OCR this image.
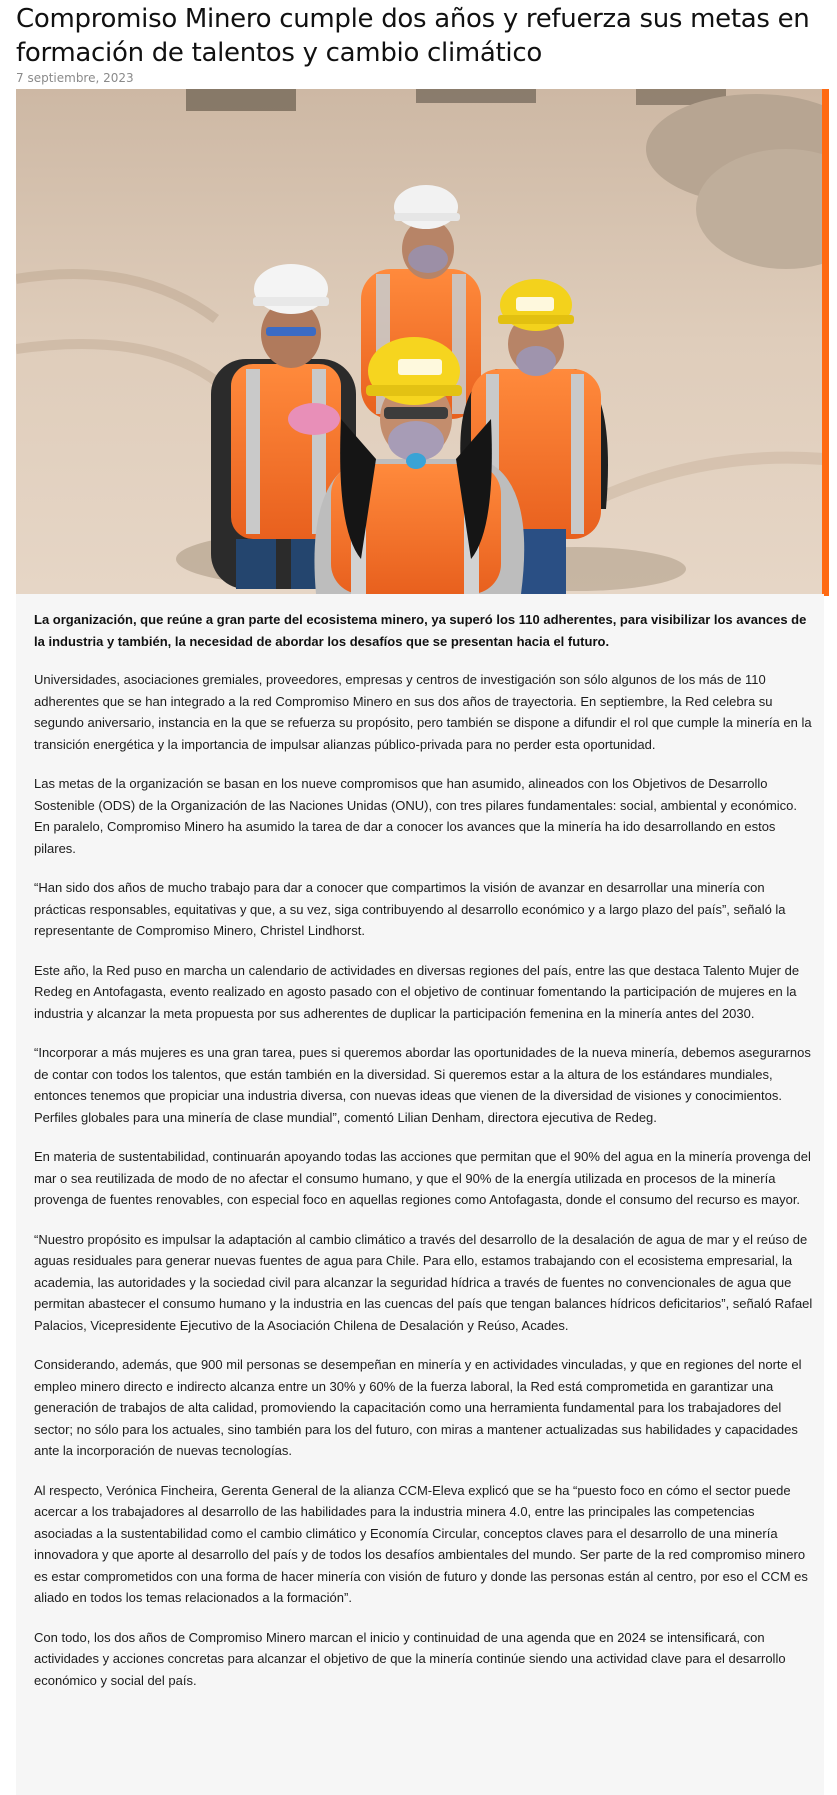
Compromiso Minero cumple dos años y refuerza sus metas en formación de talentos y cambio climático
7 septiembre, 2023

La organización, que reúne a gran parte del ecosistema minero, ya superó los 110 adherentes, para visibilizar los avances de la industria y también, la necesidad de abordar los desafíos que se presentan hacia el futuro.

Universidades, asociaciones gremiales, proveedores, empresas y centros de investigación son sólo algunos de los más de 110 adherentes que se han integrado a la red Compromiso Minero en sus dos años de trayectoria. En septiembre, la Red celebra su segundo aniversario, instancia en la que se refuerza su propósito, pero también se dispone a difundir el rol que cumple la minería en la transición energética y la importancia de impulsar alianzas público-privada para no perder esta oportunidad.

Las metas de la organización se basan en los nueve compromisos que han asumido, alineados con los Objetivos de Desarrollo Sostenible (ODS) de la Organización de las Naciones Unidas (ONU), con tres pilares fundamentales: social, ambiental y económico. En paralelo, Compromiso Minero ha asumido la tarea de dar a conocer los avances que la minería ha ido desarrollando en estos pilares.

“Han sido dos años de mucho trabajo para dar a conocer que compartimos la visión de avanzar en desarrollar una minería con prácticas responsables, equitativas y que, a su vez, siga contribuyendo al desarrollo económico y a largo plazo del país”, señaló la representante de Compromiso Minero, Christel Lindhorst.

Este año, la Red puso en marcha un calendario de actividades en diversas regiones del país, entre las que destaca Talento Mujer de Redeg en Antofagasta, evento realizado en agosto pasado con el objetivo de continuar fomentando la participación de mujeres en la industria y alcanzar la meta propuesta por sus adherentes de duplicar la participación femenina en la minería antes del 2030.

“Incorporar a más mujeres es una gran tarea, pues si queremos abordar las oportunidades de la nueva minería, debemos asegurarnos de contar con todos los talentos, que están también en la diversidad. Si queremos estar a la altura de los estándares mundiales, entonces tenemos que propiciar una industria diversa, con nuevas ideas que vienen de la diversidad de visiones y conocimientos. Perfiles globales para una minería de clase mundial”, comentó Lilian Denham, directora ejecutiva de Redeg.

En materia de sustentabilidad, continuarán apoyando todas las acciones que permitan que el 90% del agua en la minería provenga del mar o sea reutilizada de modo de no afectar el consumo humano, y que el 90% de la energía utilizada en procesos de la minería provenga de fuentes renovables, con especial foco en aquellas regiones como Antofagasta, donde el consumo del recurso es mayor.

“Nuestro propósito es impulsar la adaptación al cambio climático a través del desarrollo de la desalación de agua de mar y el reúso de aguas residuales para generar nuevas fuentes de agua para Chile. Para ello, estamos trabajando con el ecosistema empresarial, la academia, las autoridades y la sociedad civil para alcanzar la seguridad hídrica a través de fuentes no convencionales de agua que permitan abastecer el consumo humano y la industria en las cuencas del país que tengan balances hídricos deficitarios”, señaló Rafael Palacios, Vicepresidente Ejecutivo de la Asociación Chilena de Desalación y Reúso, Acades.

Considerando, además, que 900 mil personas se desempeñan en minería y en actividades vinculadas, y que en regiones del norte el empleo minero directo e indirecto alcanza entre un 30% y 60% de la fuerza laboral, la Red está comprometida en garantizar una generación de trabajos de alta calidad, promoviendo la capacitación como una herramienta fundamental para los trabajadores del sector; no sólo para los actuales, sino también para los del futuro, con miras a mantener actualizadas sus habilidades y capacidades ante la incorporación de nuevas tecnologías.

Al respecto, Verónica Fincheira, Gerenta General de la alianza CCM-Eleva explicó que se ha “puesto foco en cómo el sector puede acercar a los trabajadores al desarrollo de las habilidades para la industria minera 4.0, entre las principales las competencias asociadas a la sustentabilidad como el cambio climático y Economía Circular, conceptos claves para el desarrollo de una minería innovadora y que aporte al desarrollo del país y de todos los desafíos ambientales del mundo. Ser parte de la red compromiso minero es estar comprometidos con una forma de hacer minería con visión de futuro y donde las personas están al centro, por eso el CCM es aliado en todos los temas relacionados a la formación”.

Con todo, los dos años de Compromiso Minero marcan el inicio y continuidad de una agenda que en 2024 se intensificará, con actividades y acciones concretas para alcanzar el objetivo de que la minería continúe siendo una actividad clave para el desarrollo económico y social del país.
